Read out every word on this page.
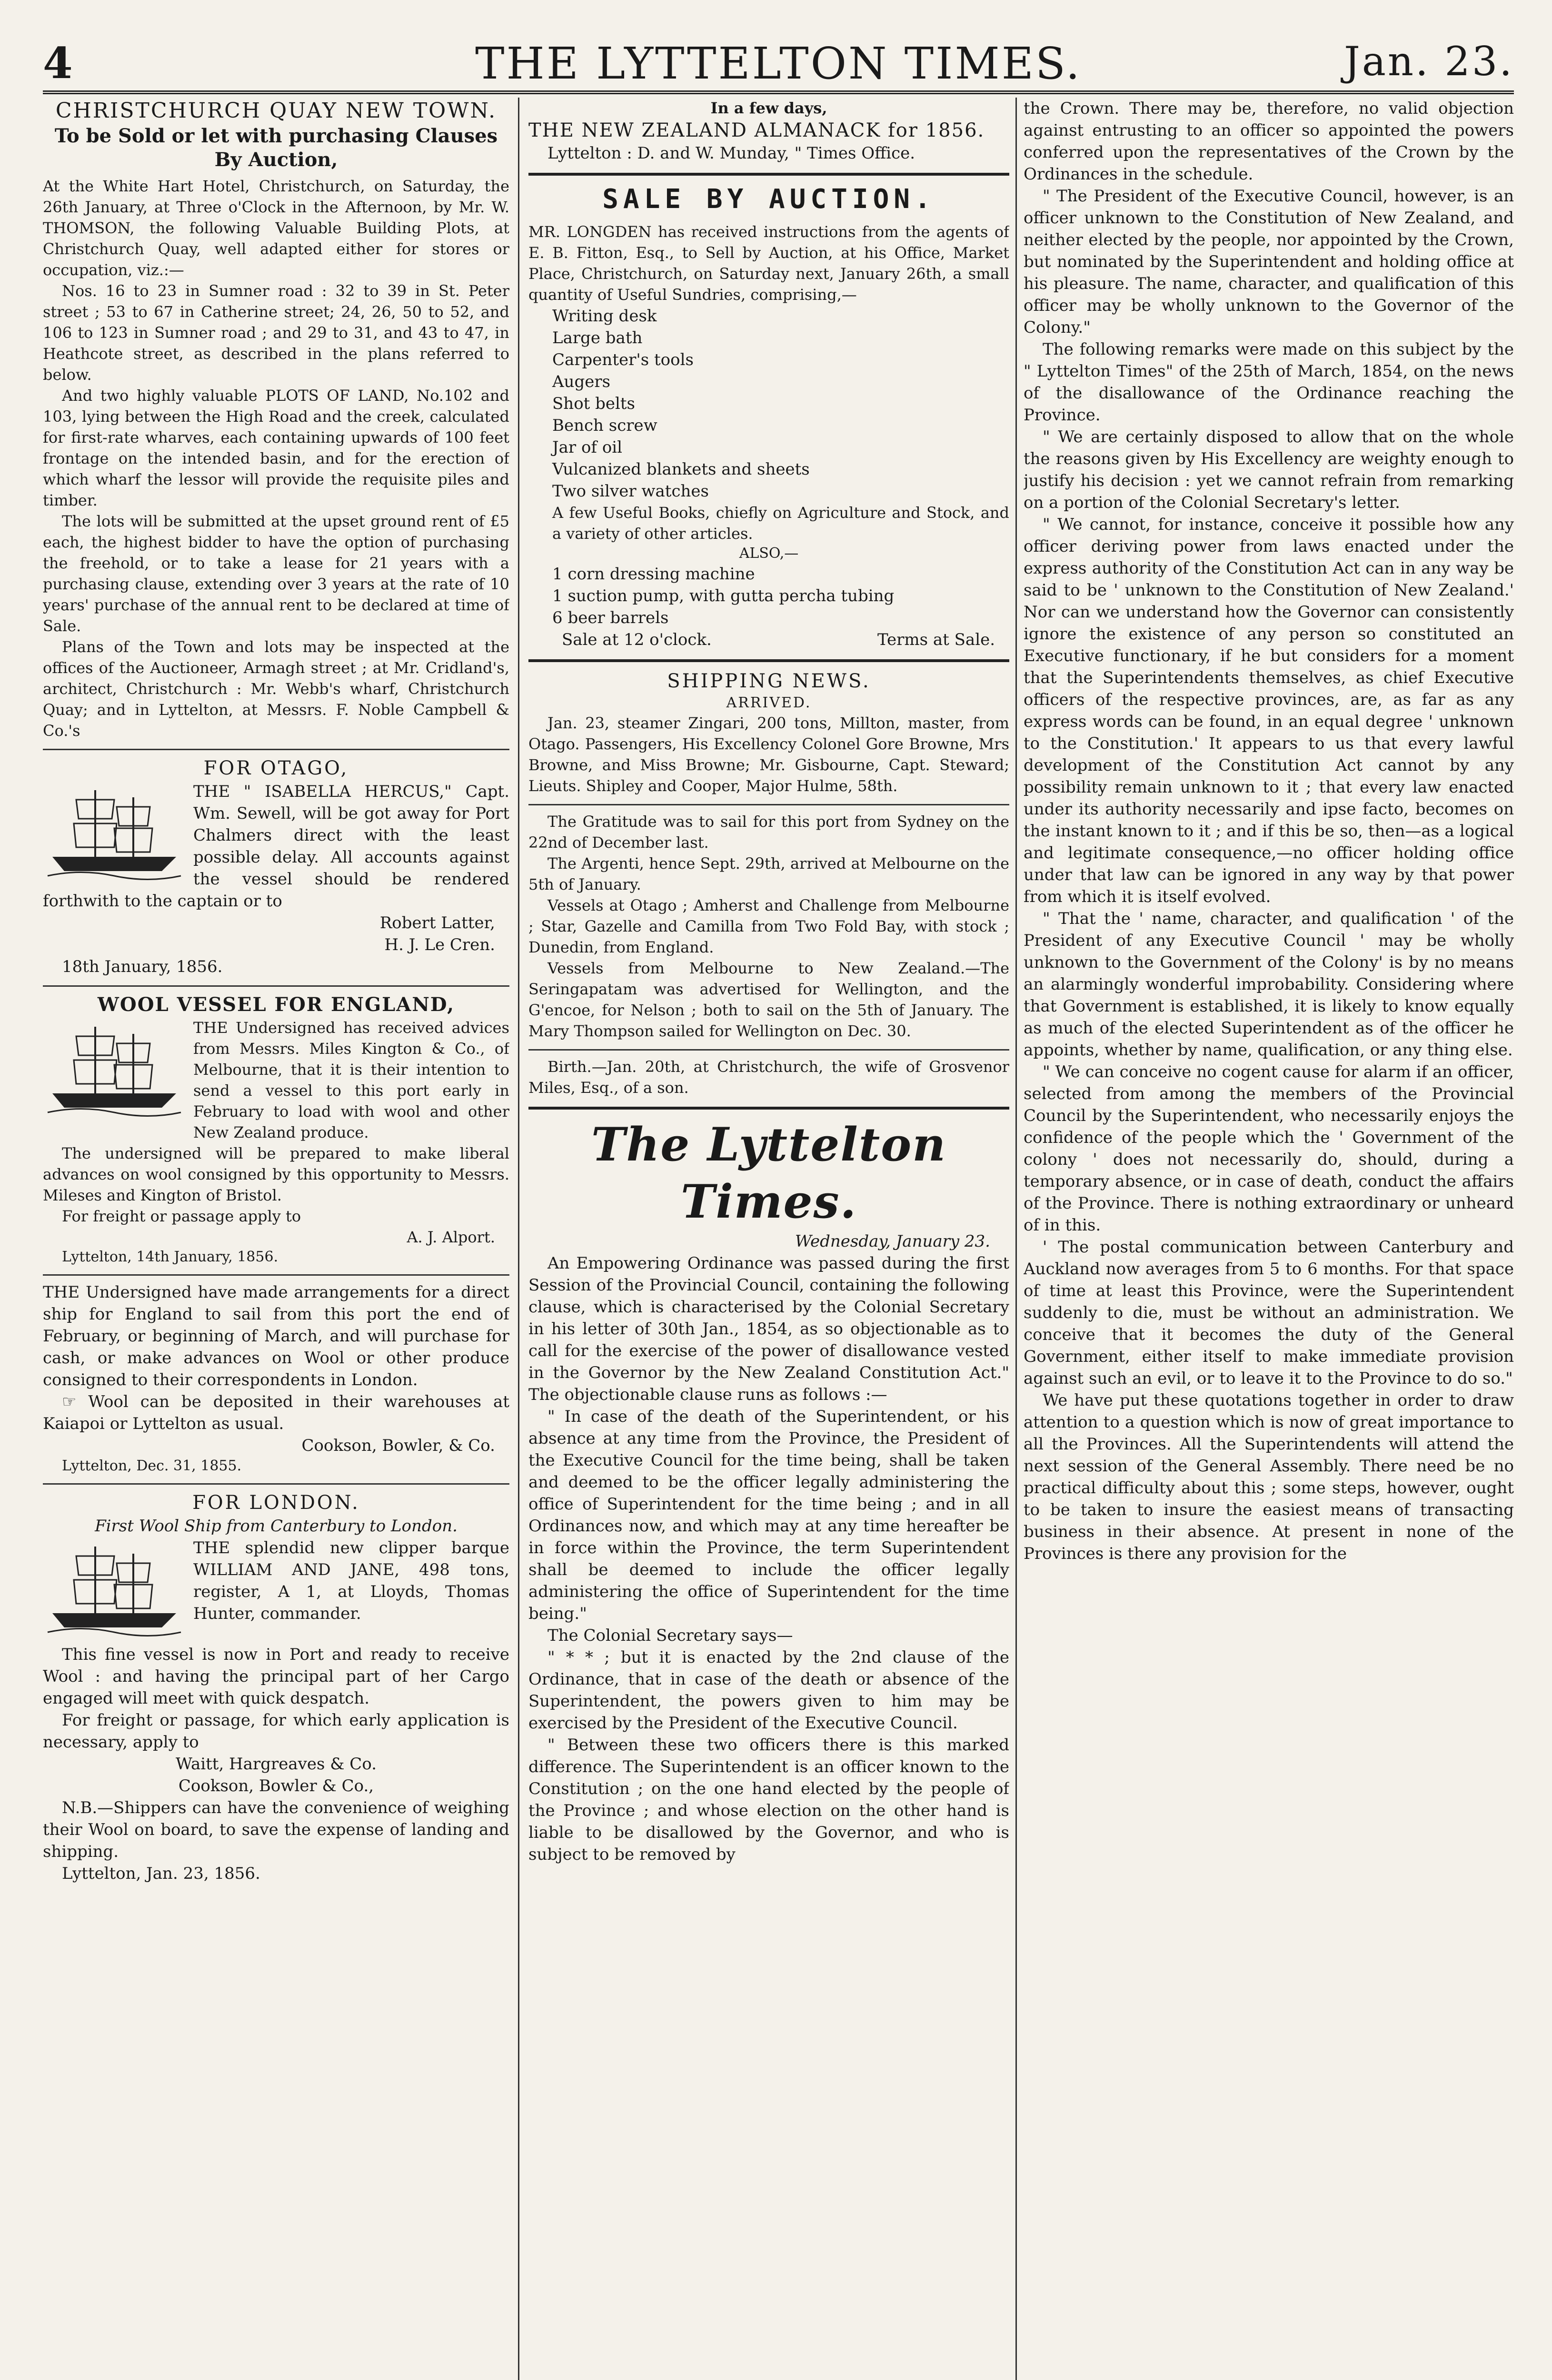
4	THE LYTTELTON TIMES.	Jan. 23.
CHRISTCHURCH QUAY NEW TOWN.
To be Sold or let with purchasing Clauses By Auction,

At the White Hart Hotel, Christchurch, on Saturday, the 26th January, at Three o'Clock in the Afternoon, by Mr. W. THOMSON, the following Valuable Building Plots, at Christchurch Quay, well adapted either for stores or occupation, viz.:—

Nos. 16 to 23 in Sumner road : 32 to 39 in St. Peter street ; 53 to 67 in Catherine street; 24, 26, 50 to 52, and 106 to 123 in Sumner road ; and 29 to 31, and 43 to 47, in Heathcote street, as described in the plans referred to below.

And two highly valuable PLOTS OF LAND, No.102 and 103, lying between the High Road and the creek, calculated for first-rate wharves, each containing upwards of 100 feet frontage on the intended basin, and for the erection of which wharf the lessor will provide the requisite piles and timber.

The lots will be submitted at the upset ground rent of £5 each, the highest bidder to have the option of purchasing the freehold, or to take a lease for 21 years with a purchasing clause, extending over 3 years at the rate of 10 years' purchase of the annual rent to be declared at time of Sale.

Plans of the Town and lots may be inspected at the offices of the Auctioneer, Armagh street ; at Mr. Cridland's, architect, Christchurch : Mr. Webb's wharf, Christchurch Quay; and in Lyttelton, at Messrs. F. Noble Campbell & Co.'s

FOR OTAGO,

THE " ISABELLA HERCUS," Capt. Wm. Sewell, will be got away for Port Chalmers direct with the least possible delay. All accounts against the vessel should be rendered forthwith to the captain or to

Robert Latter,

H. J. Le Cren.

18th January, 1856.

WOOL VESSEL FOR ENGLAND,

THE Undersigned has received advices from Messrs. Miles Kington & Co., of Melbourne, that it is their intention to send a vessel to this port early in February to load with wool and other New Zealand produce.

The undersigned will be prepared to make liberal advances on wool consigned by this opportunity to Messrs. Mileses and Kington of Bristol.

For freight or passage apply to

A. J. Alport.

Lyttelton, 14th January, 1856.

THE Undersigned have made arrangements for a direct ship for England to sail from this port the end of February, or beginning of March, and will purchase for cash, or make advances on Wool or other produce consigned to their correspondents in London.

☞ Wool can be deposited in their warehouses at Kaiapoi or Lyttelton as usual.

Cookson, Bowler, & Co.

Lyttelton, Dec. 31, 1855.

FOR LONDON.

First Wool Ship from Canterbury to London.

THE splendid new clipper barque WILLIAM AND JANE, 498 tons, register, A 1, at Lloyds, Thomas Hunter, commander.

This fine vessel is now in Port and ready to receive Wool : and having the principal part of her Cargo engaged will meet with quick despatch.

For freight or passage, for which early application is necessary, apply to

Waitt, Hargreaves & Co.

Cookson, Bowler & Co.,

N.B.—Shippers can have the convenience of weighing their Wool on board, to save the expense of landing and shipping.

Lyttelton, Jan. 23, 1856.

In a few days,

THE NEW ZEALAND ALMANACK for 1856.

Lyttelton : D. and W. Munday, " Times Office.

SALE BY AUCTION.

MR. LONGDEN has received instructions from the agents of E. B. Fitton, Esq., to Sell by Auction, at his Office, Market Place, Christchurch, on Saturday next, January 26th, a small quantity of Useful Sundries, comprising,—

Writing desk
Large bath
Carpenter's tools
Augers
Shot belts
Bench screw
Jar of oil
Vulcanized blankets and sheets
Two silver watches

A few Useful Books, chiefly on Agriculture and Stock, and a variety of other articles.

ALSO,—

1 corn dressing machine
1 suction pump, with gutta percha tubing
6 beer barrels
Sale at 12 o'clock.	Terms at Sale.
SHIPPING NEWS.

ARRIVED.

Jan. 23, steamer Zingari, 200 tons, Millton, master, from Otago. Passengers, His Excellency Colonel Gore Browne, Mrs Browne, and Miss Browne; Mr. Gisbourne, Capt. Steward; Lieuts. Shipley and Cooper, Major Hulme, 58th.

The Gratitude was to sail for this port from Sydney on the 22nd of December last.

The Argenti, hence Sept. 29th, arrived at Melbourne on the 5th of January.

Vessels at Otago ; Amherst and Challenge from Melbourne ; Star, Gazelle and Camilla from Two Fold Bay, with stock ; Dunedin, from England.

Vessels from Melbourne to New Zealand.—The Seringapatam was advertised for Wellington, and the G'encoe, for Nelson ; both to sail on the 5th of January. The Mary Thompson sailed for Wellington on Dec. 30.

Birth.—Jan. 20th, at Christchurch, the wife of Grosvenor Miles, Esq., of a son.

The Lyttelton Times.

Wednesday, January 23.

An Empowering Ordinance was passed during the first Session of the Provincial Council, containing the following clause, which is characterised by the Colonial Secretary in his letter of 30th Jan., 1854, as so objectionable as to call for the exercise of the power of disallowance vested in the Governor by the New Zealand Constitution Act." The objectionable clause runs as follows :—

" In case of the death of the Superintendent, or his absence at any time from the Province, the President of the Executive Council for the time being, shall be taken and deemed to be the officer legally administering the office of Superintendent for the time being ; and in all Ordinances now, and which may at any time hereafter be in force within the Province, the term Superintendent shall be deemed to include the officer legally administering the office of Superintendent for the time being."

The Colonial Secretary says—

" * * ; but it is enacted by the 2nd clause of the Ordinance, that in case of the death or absence of the Superintendent, the powers given to him may be exercised by the President of the Executive Council.

" Between these two officers there is this marked difference. The Superintendent is an officer known to the Constitution ; on the one hand elected by the people of the Province ; and whose election on the other hand is liable to be disallowed by the Governor, and who is subject to be removed by

the Crown. There may be, therefore, no valid objection against entrusting to an officer so appointed the powers conferred upon the representatives of the Crown by the Ordinances in the schedule.

" The President of the Executive Council, however, is an officer unknown to the Constitution of New Zealand, and neither elected by the people, nor appointed by the Crown, but nominated by the Superintendent and holding office at his pleasure. The name, character, and qualification of this officer may be wholly unknown to the Governor of the Colony."

The following remarks were made on this subject by the " Lyttelton Times" of the 25th of March, 1854, on the news of the disallowance of the Ordinance reaching the Province.

" We are certainly disposed to allow that on the whole the reasons given by His Excellency are weighty enough to justify his decision : yet we cannot refrain from remarking on a portion of the Colonial Secretary's letter.

" We cannot, for instance, conceive it possible how any officer deriving power from laws enacted under the express authority of the Constitution Act can in any way be said to be ' unknown to the Constitution of New Zealand.' Nor can we understand how the Governor can consistently ignore the existence of any person so constituted an Executive functionary, if he but considers for a moment that the Superintendents themselves, as chief Executive officers of the respective provinces, are, as far as any express words can be found, in an equal degree ' unknown to the Constitution.' It appears to us that every lawful development of the Constitution Act cannot by any possibility remain unknown to it ; that every law enacted under its authority necessarily and ipse facto, becomes on the instant known to it ; and if this be so, then—as a logical and legitimate consequence,—no officer holding office under that law can be ignored in any way by that power from which it is itself evolved.

" That the ' name, character, and qualification ' of the President of any Executive Council ' may be wholly unknown to the Government of the Colony' is by no means an alarmingly wonderful improbability. Considering where that Government is established, it is likely to know equally as much of the elected Superintendent as of the officer he appoints, whether by name, qualification, or any thing else.

" We can conceive no cogent cause for alarm if an officer, selected from among the members of the Provincial Council by the Superintendent, who necessarily enjoys the confidence of the people which the ' Government of the colony ' does not necessarily do, should, during a temporary absence, or in case of death, conduct the affairs of the Province. There is nothing extraordinary or unheard of in this.

' The postal communication between Canterbury and Auckland now averages from 5 to 6 months. For that space of time at least this Province, were the Superintendent suddenly to die, must be without an administration. We conceive that it becomes the duty of the General Government, either itself to make immediate provision against such an evil, or to leave it to the Province to do so."

We have put these quotations together in order to draw attention to a question which is now of great importance to all the Provinces. All the Superintendents will attend the next session of the General Assembly. There need be no practical difficulty about this ; some steps, however, ought to be taken to insure the easiest means of transacting business in their absence. At present in none of the Provinces is there any provision for the
